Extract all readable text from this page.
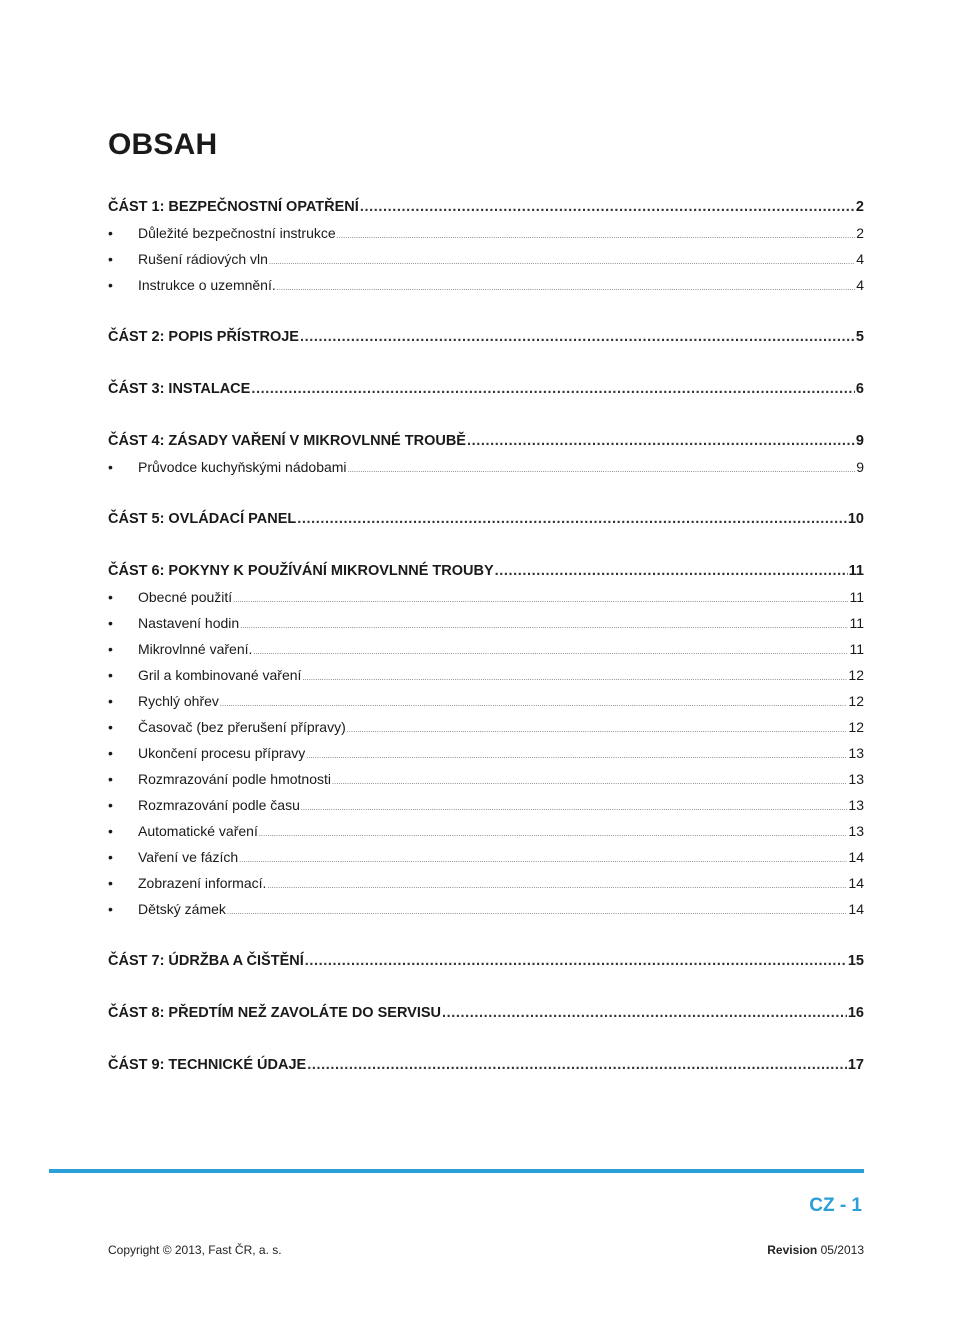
OBSAH
ČÁST 1: BEZPEČNOSTNÍ OPATŘENÍ .....	2
•	Důležité bezpečnostní instrukce .....	2
•	Rušení rádiových vln .....	4
•	Instrukce o uzemnění. .....	4
ČÁST 2: POPIS PŘÍSTROJE .....	5
ČÁST 3: INSTALACE .....	6
ČÁST 4: ZÁSADY VAŘENÍ V MIKROVLNNÉ TROUBĚ .....	9
•	Průvodce kuchyňskými nádobami .....	9
ČÁST 5: OVLÁDACÍ PANEL .....	10
ČÁST 6: POKYNY K POUŽÍVÁNÍ MIKROVLNNÉ TROUBY .....	11
•	Obecné použití .....	11
•	Nastavení hodin .....	11
•	Mikrovlnné vaření. .....	11
•	Gril a kombinované vaření .....	12
•	Rychlý ohřev .....	12
•	Časovač (bez přerušení přípravy) .....	12
•	Ukončení procesu přípravy .....	13
•	Rozmrazování podle hmotnosti .....	13
•	Rozmrazování podle času .....	13
•	Automatické vaření .....	13
•	Vaření ve fázích .....	14
•	Zobrazení informací. .....	14
•	Dětský zámek .....	14
ČÁST 7: ÚDRŽBA A ČIŠTĚNÍ .....	15
ČÁST 8: PŘEDTÍM NEŽ ZAVOLÁTE DO SERVISU .....	16
ČÁST 9: TECHNICKÉ ÚDAJE .....	17
CZ - 1
Copyright © 2013, Fast ČR, a. s.	Revision 05/2013
